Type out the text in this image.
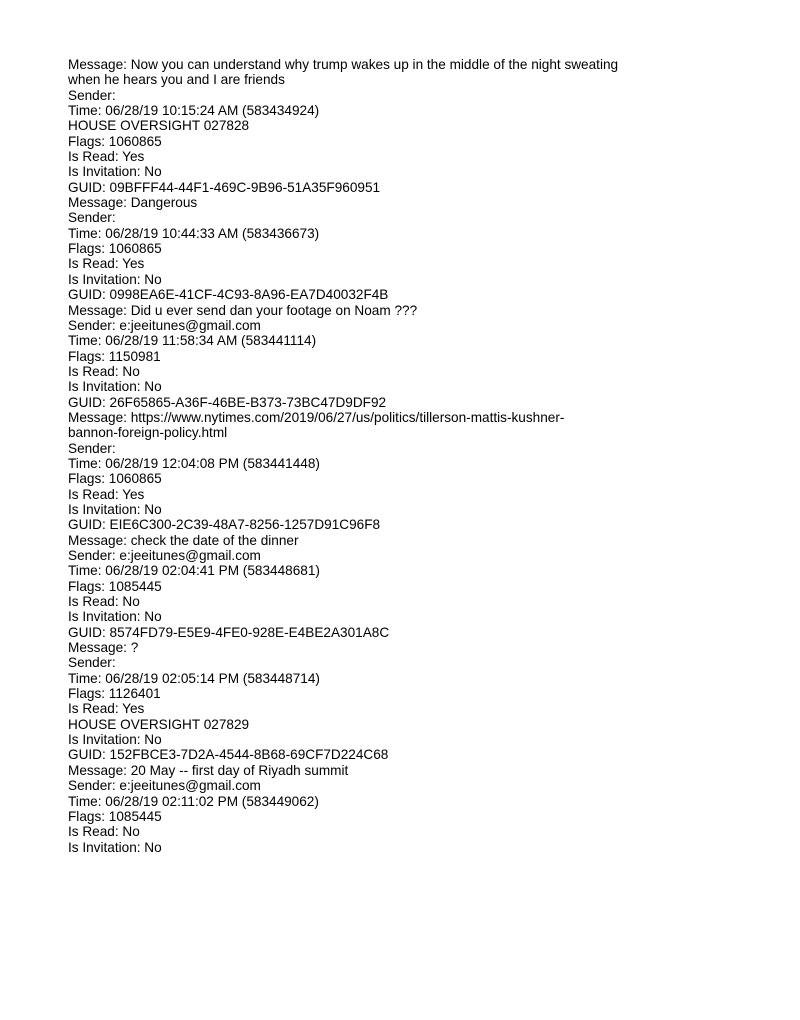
Message: Now you can understand why trump wakes up in the middle of the night sweating

when he hears you and I are friends

Sender:

Time: 06/28/19 10:15:24 AM (583434924)

HOUSE OVERSIGHT 027828

Flags: 1060865

Is Read: Yes

Is Invitation: No

GUID: 09BFFF44-44F1-469C-9B96-51A35F960951

Message: Dangerous

Sender:

Time: 06/28/19 10:44:33 AM (583436673)

Flags: 1060865

Is Read: Yes

Is Invitation: No

GUID: 0998EA6E-41CF-4C93-8A96-EA7D40032F4B

Message: Did u ever send dan your footage on Noam ???

Sender: e:jeeitunes@gmail.com

Time: 06/28/19 11:58:34 AM (583441114)

Flags: 1150981

Is Read: No

Is Invitation: No

GUID: 26F65865-A36F-46BE-B373-73BC47D9DF92

Message: https://www.nytimes.com/2019/06/27/us/politics/tillerson-mattis-kushner-

bannon-foreign-policy.html

Sender:

Time: 06/28/19 12:04:08 PM (583441448)

Flags: 1060865

Is Read: Yes

Is Invitation: No

GUID: EIE6C300-2C39-48A7-8256-1257D91C96F8

Message: check the date of the dinner

Sender: e:jeeitunes@gmail.com

Time: 06/28/19 02:04:41 PM (583448681)

Flags: 1085445

Is Read: No

Is Invitation: No

GUID: 8574FD79-E5E9-4FE0-928E-E4BE2A301A8C

Message: ?

Sender:

Time: 06/28/19 02:05:14 PM (583448714)

Flags: 1126401

Is Read: Yes

HOUSE OVERSIGHT 027829

Is Invitation: No

GUID: 152FBCE3-7D2A-4544-8B68-69CF7D224C68

Message: 20 May -- first day of Riyadh summit

Sender: e:jeeitunes@gmail.com

Time: 06/28/19 02:11:02 PM (583449062)

Flags: 1085445

Is Read: No

Is Invitation: No
